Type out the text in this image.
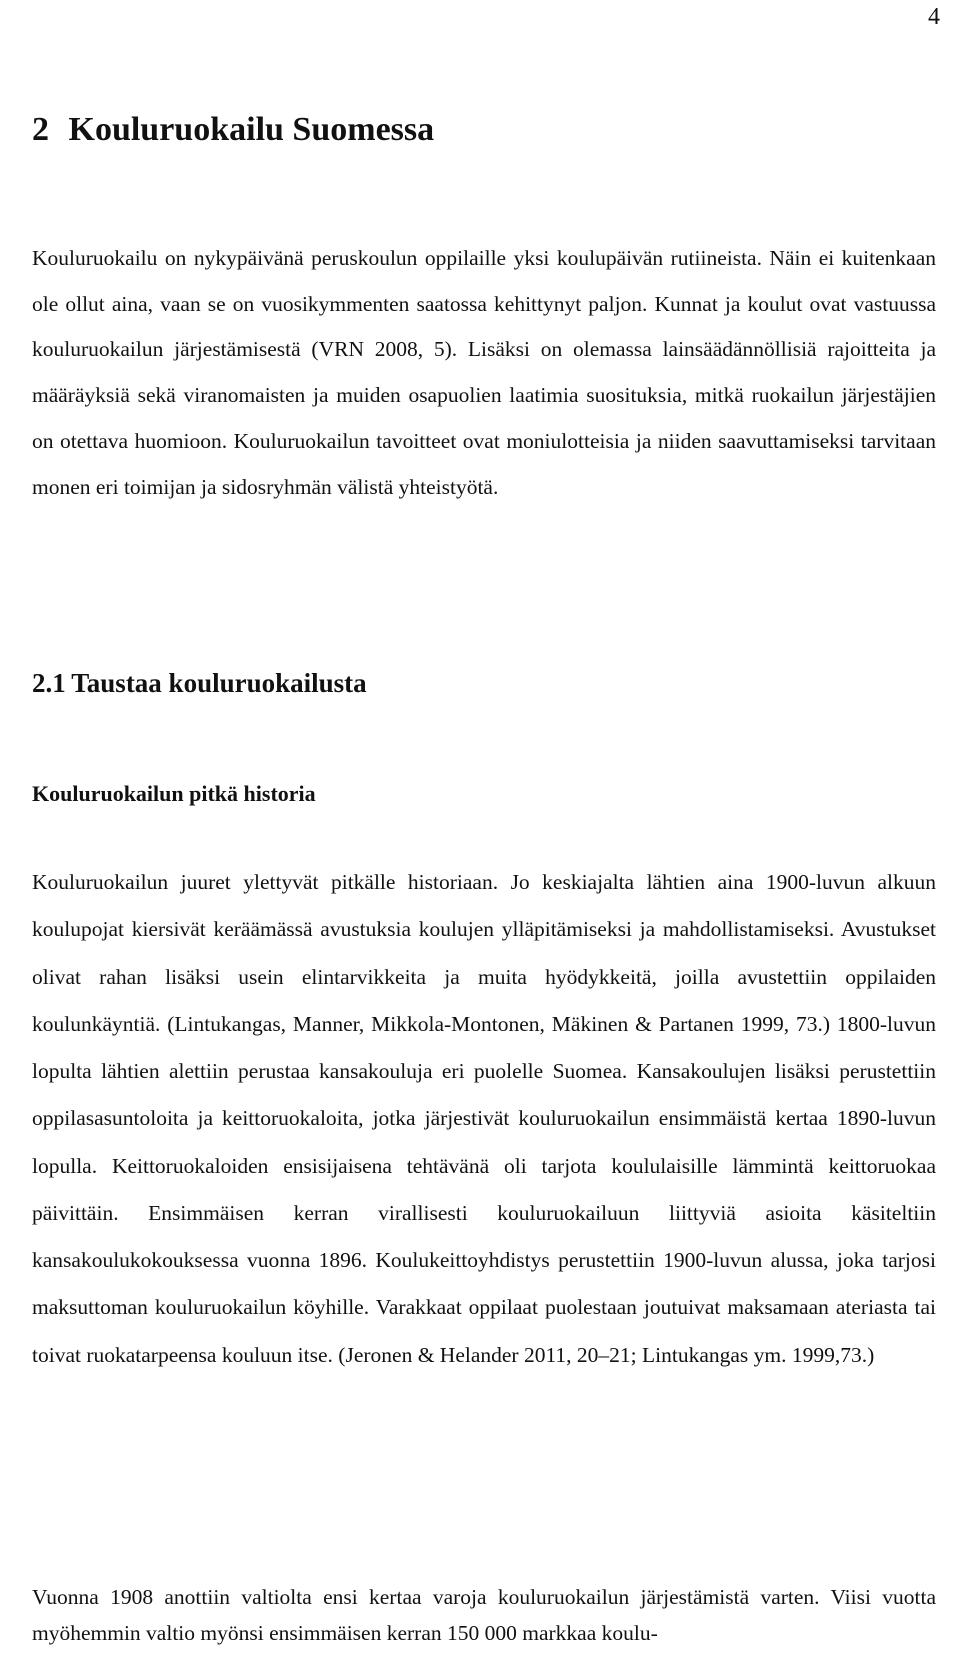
4
2 Kouluruokailu Suomessa

Kouluruokailu on nykypäivänä peruskoulun oppilaille yksi koulupäivän rutiineista. Näin ei kuitenkaan ole ollut aina, vaan se on vuosikymmenten saatossa kehittynyt paljon. Kunnat ja koulut ovat vastuussa kouluruokailun järjestämisestä (VRN 2008, 5). Lisäksi on olemassa lainsäädännöllisiä rajoitteita ja määräyksiä sekä viranomaisten ja muiden osapuolien laatimia suosituksia, mitkä ruokailun järjestäjien on otettava huomioon. Kouluruokailun tavoitteet ovat moniulotteisia ja niiden saavuttamiseksi tarvitaan monen eri toimijan ja sidosryhmän välistä yhteistyötä.

2.1 Taustaa kouluruokailusta
Kouluruokailun pitkä historia

Kouluruokailun juuret ylettyvät pitkälle historiaan. Jo keskiajalta lähtien aina 1900-luvun alkuun koulupojat kiersivät keräämässä avustuksia koulujen ylläpitämiseksi ja mahdollistamiseksi. Avustukset olivat rahan lisäksi usein elintarvikkeita ja muita hyödykkeitä, joilla avustettiin oppilaiden koulunkäyntiä. (Lintukangas, Manner, Mikkola-Montonen, Mäkinen & Partanen 1999, 73.) 1800-luvun lopulta lähtien alettiin perustaa kansakouluja eri puolelle Suomea. Kansakoulujen lisäksi perustettiin oppilasasuntoloita ja keittoruokaloita, jotka järjestivät kouluruokailun ensimmäistä kertaa 1890-luvun lopulla. Keittoruokaloiden ensisijaisena tehtävänä oli tarjota koululaisille lämmintä keittoruokaa päivittäin. Ensimmäisen kerran virallisesti kouluruokailuun liittyviä asioita käsiteltiin kansakoulukokouksessa vuonna 1896. Koulukeittoyhdistys perustettiin 1900-luvun alussa, joka tarjosi maksuttoman kouluruokailun köyhille. Varakkaat oppilaat puolestaan joutuivat maksamaan ateriasta tai toivat ruokatarpeensa kouluun itse. (Jeronen & Helander 2011, 20–21; Lintukangas ym. 1999,73.)

Vuonna 1908 anottiin valtiolta ensi kertaa varoja kouluruokailun järjestämistä varten. Viisi vuotta myöhemmin valtio myönsi ensimmäisen kerran 150 000 markkaa koulu-
